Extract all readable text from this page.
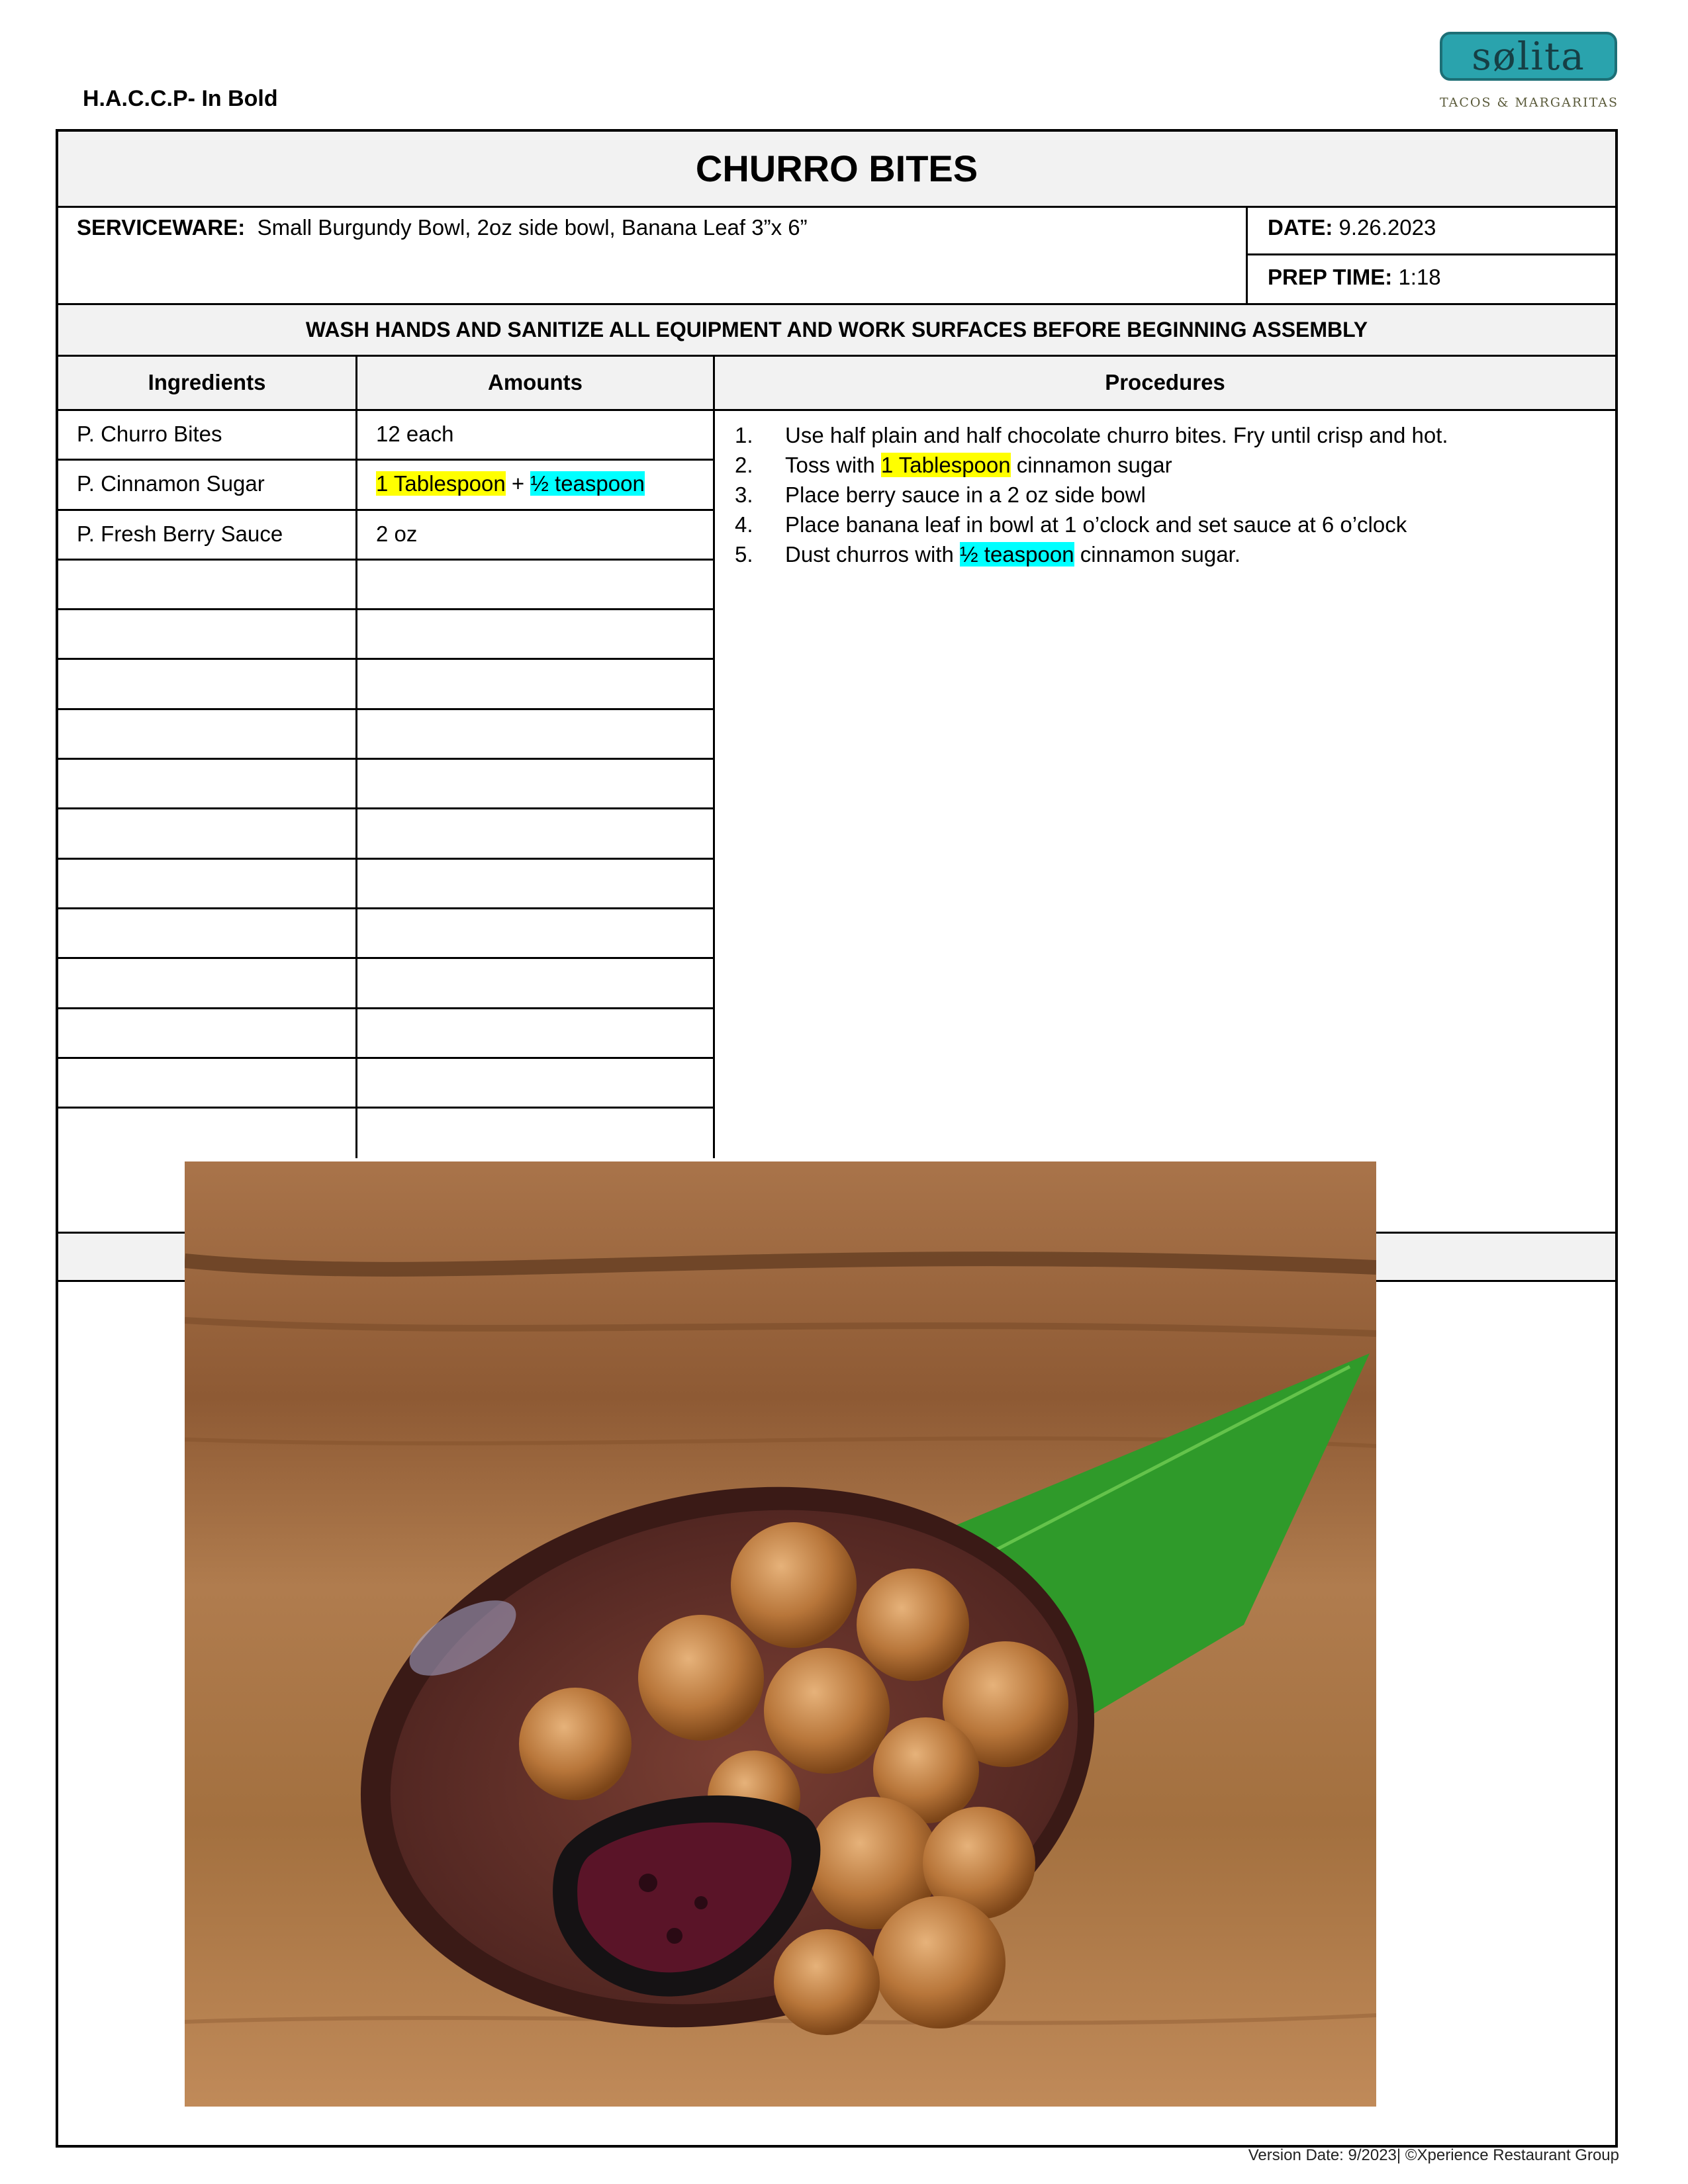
H.A.C.C.P- In Bold
sølita
TACOS & MARGARITAS
CHURRO BITES
SERVICEWARE: Small Burgundy Bowl, 2oz side bowl, Banana Leaf 3”x 6”	DATE: 9.26.2023
PREP TIME: 1:18
WASH HANDS AND SANITIZE ALL EQUIPMENT AND WORK SURFACES BEFORE BEGINNING ASSEMBLY
Ingredients	Amounts	Procedures
P. Churro Bites	12 each
P. Cinnamon Sugar	1 Tablespoon + ½ teaspoon
P. Fresh Berry Sauce	2 oz
1.	Use half plain and half chocolate churro bites. Fry until crisp and hot.
2.	Toss with 1 Tablespoon cinnamon sugar
3.	Place berry sauce in a 2 oz side bowl
4.	Place banana leaf in bowl at 1 o’clock and set sauce at 6 o’clock
5.	Dust churros with ½ teaspoon cinnamon sugar.
Version Date: 9/2023| ©Xperience Restaurant Group
